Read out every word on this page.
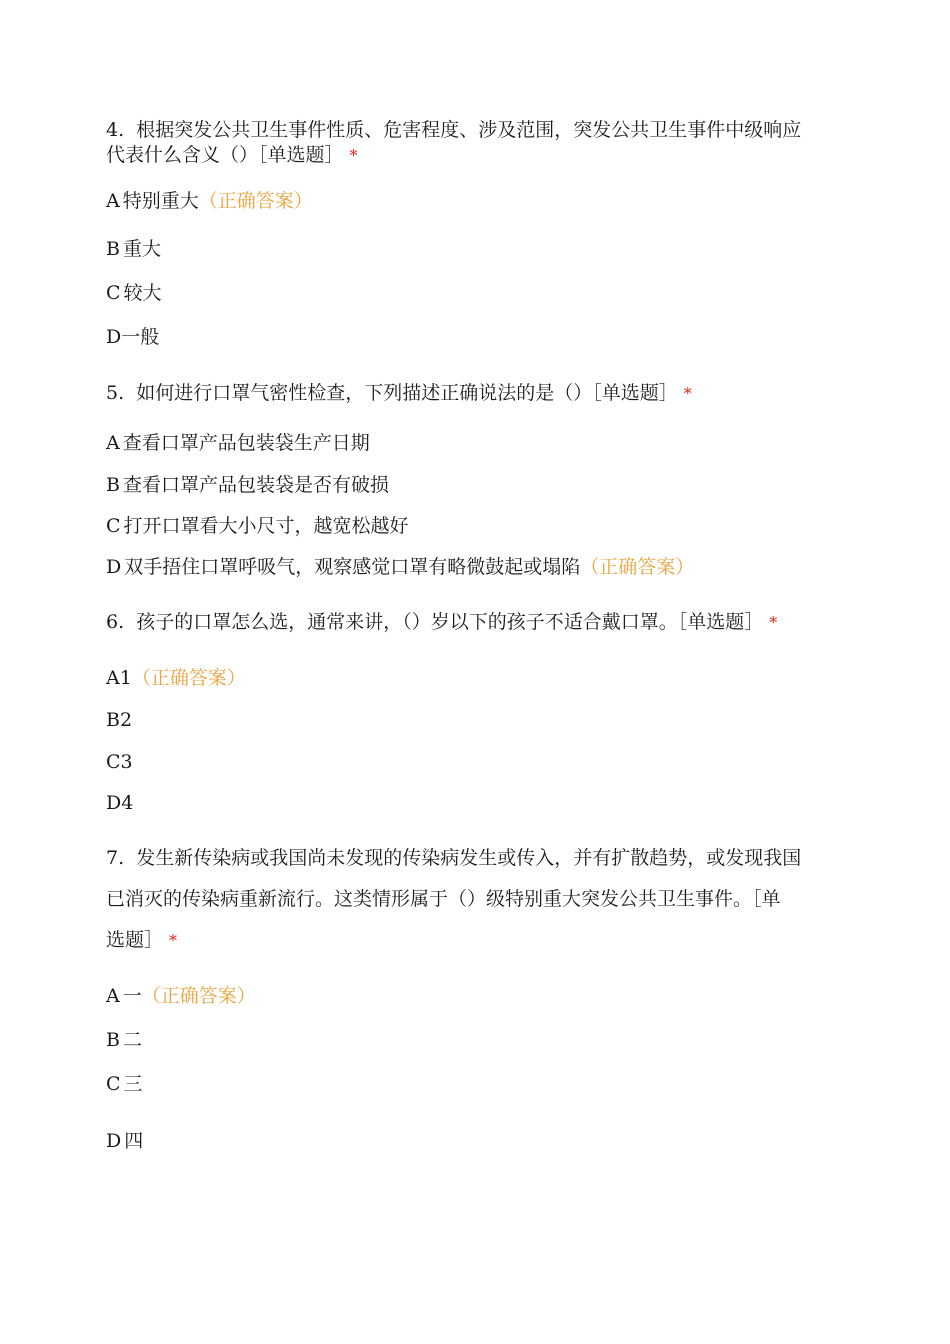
4. 根据突发公共卫生事件性质、危害程度、涉及范围，突发公共卫生事件中级响应
代表什么含义（）［单选题］ *
A 特别重大（正确答案）
B 重大
C 较大
D一般
5. 如何进行口罩气密性检查，下列描述正确说法的是（）［单选题］ *
A 查看口罩产品包装袋生产日期
B 查看口罩产品包装袋是否有破损
C 打开口罩看大小尺寸，越宽松越好
D 双手捂住口罩呼吸气，观察感觉口罩有略微鼓起或塌陷（正确答案）
6. 孩子的口罩怎么选，通常来讲，（）岁以下的孩子不适合戴口罩。［单选题］ *
A1（正确答案）
B2
C3
D4
7. 发生新传染病或我国尚未发现的传染病发生或传入，并有扩散趋势，或发现我国
已消灭的传染病重新流行。这类情形属于（）级特别重大突发公共卫生事件。［单
选题］ *
A 一（正确答案）
B 二
C 三
D 四
